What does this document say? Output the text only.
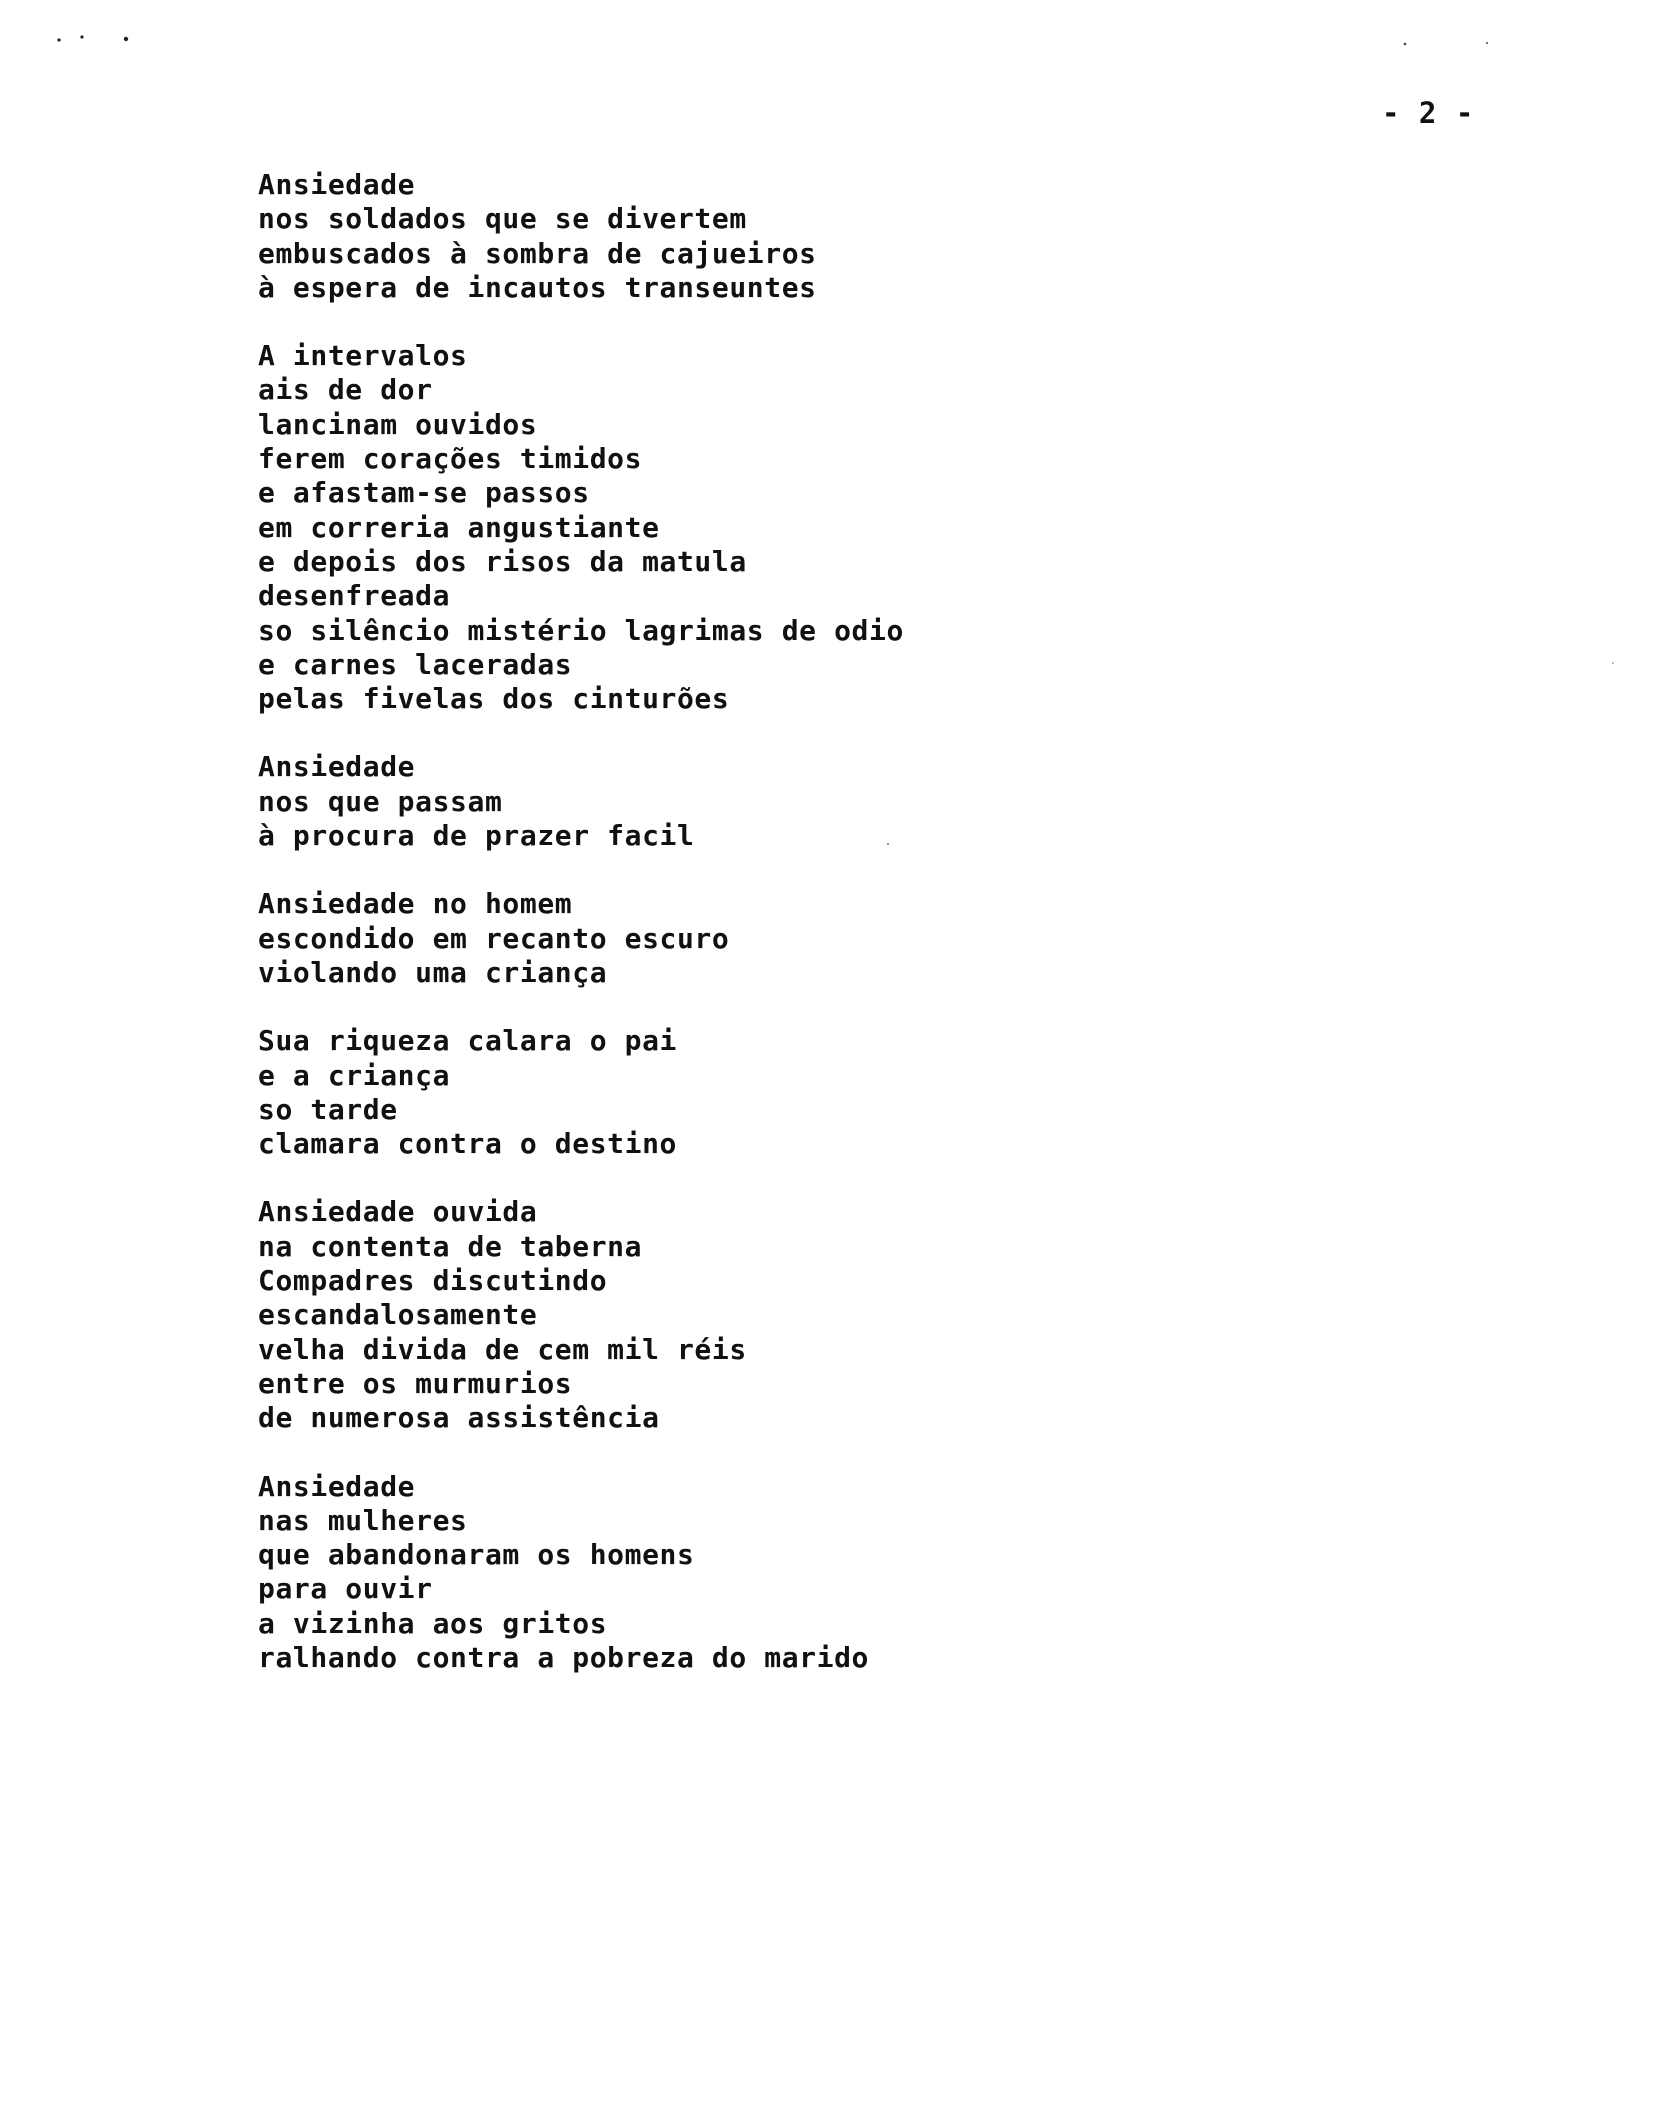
- 2 -
Ansiedade
nos soldados que se divertem
embuscados à sombra de cajueiros
à espera de incautos transeuntes
A intervalos
ais de dor
lancinam ouvidos
ferem corações timidos
e afastam-se passos
em correria angustiante
e depois dos risos da matula
desenfreada
so silêncio mistério lagrimas de odio
e carnes laceradas
pelas fivelas dos cinturões
Ansiedade
nos que passam
à procura de prazer facil
Ansiedade no homem
escondido em recanto escuro
violando uma criança
Sua riqueza calara o pai
e a criança
so tarde
clamara contra o destino
Ansiedade ouvida
na contenta de taberna
Compadres discutindo
escandalosamente
velha divida de cem mil réis
entre os murmurios
de numerosa assistência
Ansiedade
nas mulheres
que abandonaram os homens
para ouvir
a vizinha aos gritos
ralhando contra a pobreza do marido
